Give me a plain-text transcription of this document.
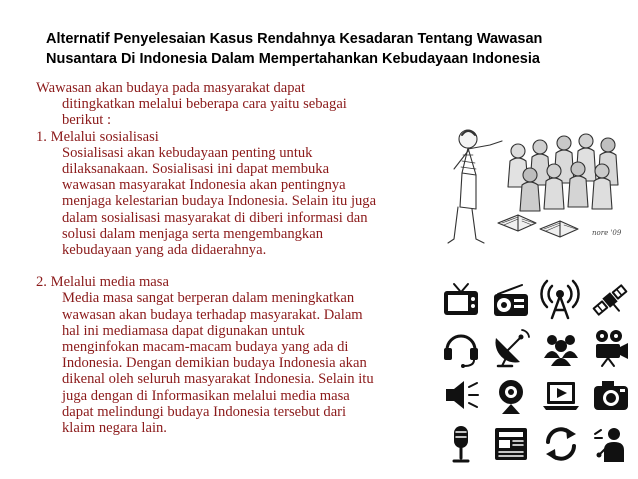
Alternatif Penyelesaian Kasus Rendahnya Kesadaran Tentang Wawasan
Nusantara Di Indonesia Dalam Mempertahankan Kebudayaan Indonesia

Wawasan akan budaya pada masyarakat dapat

ditingkatkan melalui beberapa cara yaitu sebagai

berikut :

1. Melalui sosialisasi

Sosialisasi akan kebudayaan penting untuk

dilaksanakaan. Sosialisasi ini dapat membuka

wawasan masyarakat Indonesia akan pentingnya

menjaga kelestarian budaya Indonesia. Selain itu juga

dalam sosialisasi masyarakat di diberi informasi dan

solusi dalam menjaga serta mengembangkan

kebudayaan yang ada didaerahnya.

2. Melalui media masa

Media masa sangat berperan dalam meningkatkan

wawasan akan budaya terhadap masyarakat. Dalam

hal ini mediamasa dapat digunakan untuk

menginfokan macam-macam budaya yang ada di

Indonesia. Dengan demikian budaya Indonesia akan

dikenal oleh seluruh masyarakat Indonesia. Selain itu

juga dengan di Informasikan melalui media masa

dapat melindungi budaya Indonesia tersebut dari

klaim negara lain.

nore '09
